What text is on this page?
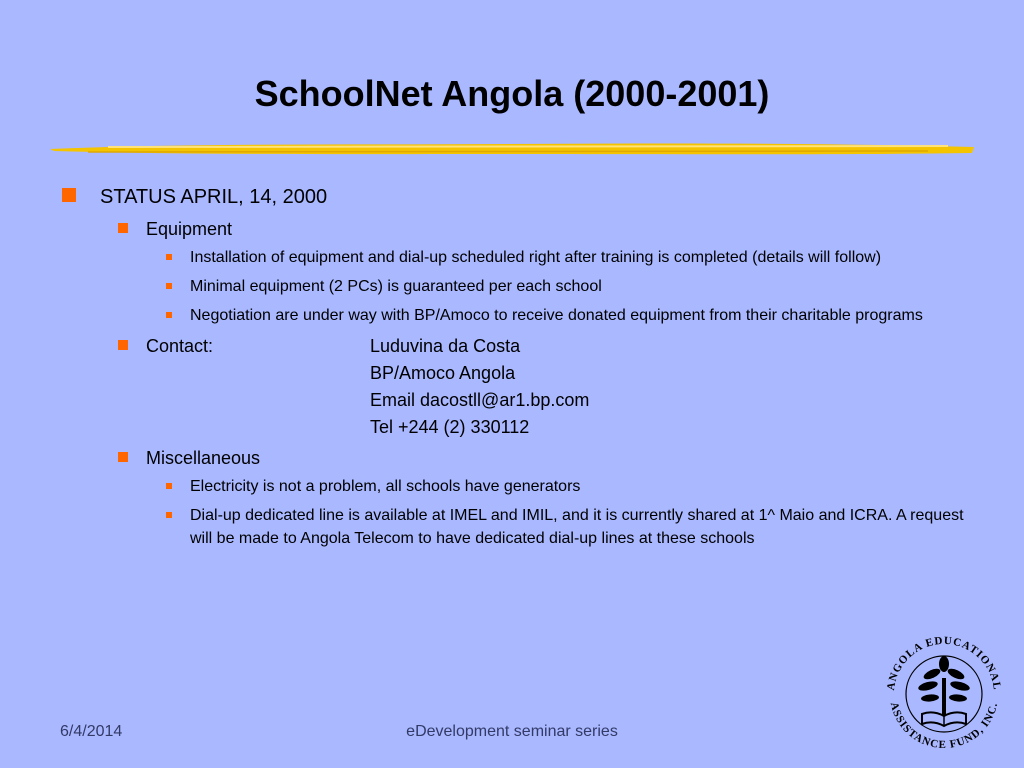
SchoolNet Angola (2000-2001)
STATUS APRIL, 14, 2000
Equipment
Installation of equipment and dial-up scheduled right after training is completed (details will follow)
Minimal equipment (2 PCs) is guaranteed per each school
Negotiation are under way with BP/Amoco to receive donated equipment from their charitable programs
Contact:	Luduvina da Costa
BP/Amoco Angola
Email dacostll@ar1.bp.com
Tel +244 (2) 330112
Miscellaneous
Electricity is not a problem, all schools have generators
Dial-up dedicated line is available at IMEL and IMIL, and it is currently shared at 1^ Maio and ICRA. A request will be made to Angola Telecom to have dedicated dial-up lines at these schools
6/4/2014	eDevelopment seminar series
ANGOLA EDUCATIONAL
ASSISTANCE FUND, INC.
